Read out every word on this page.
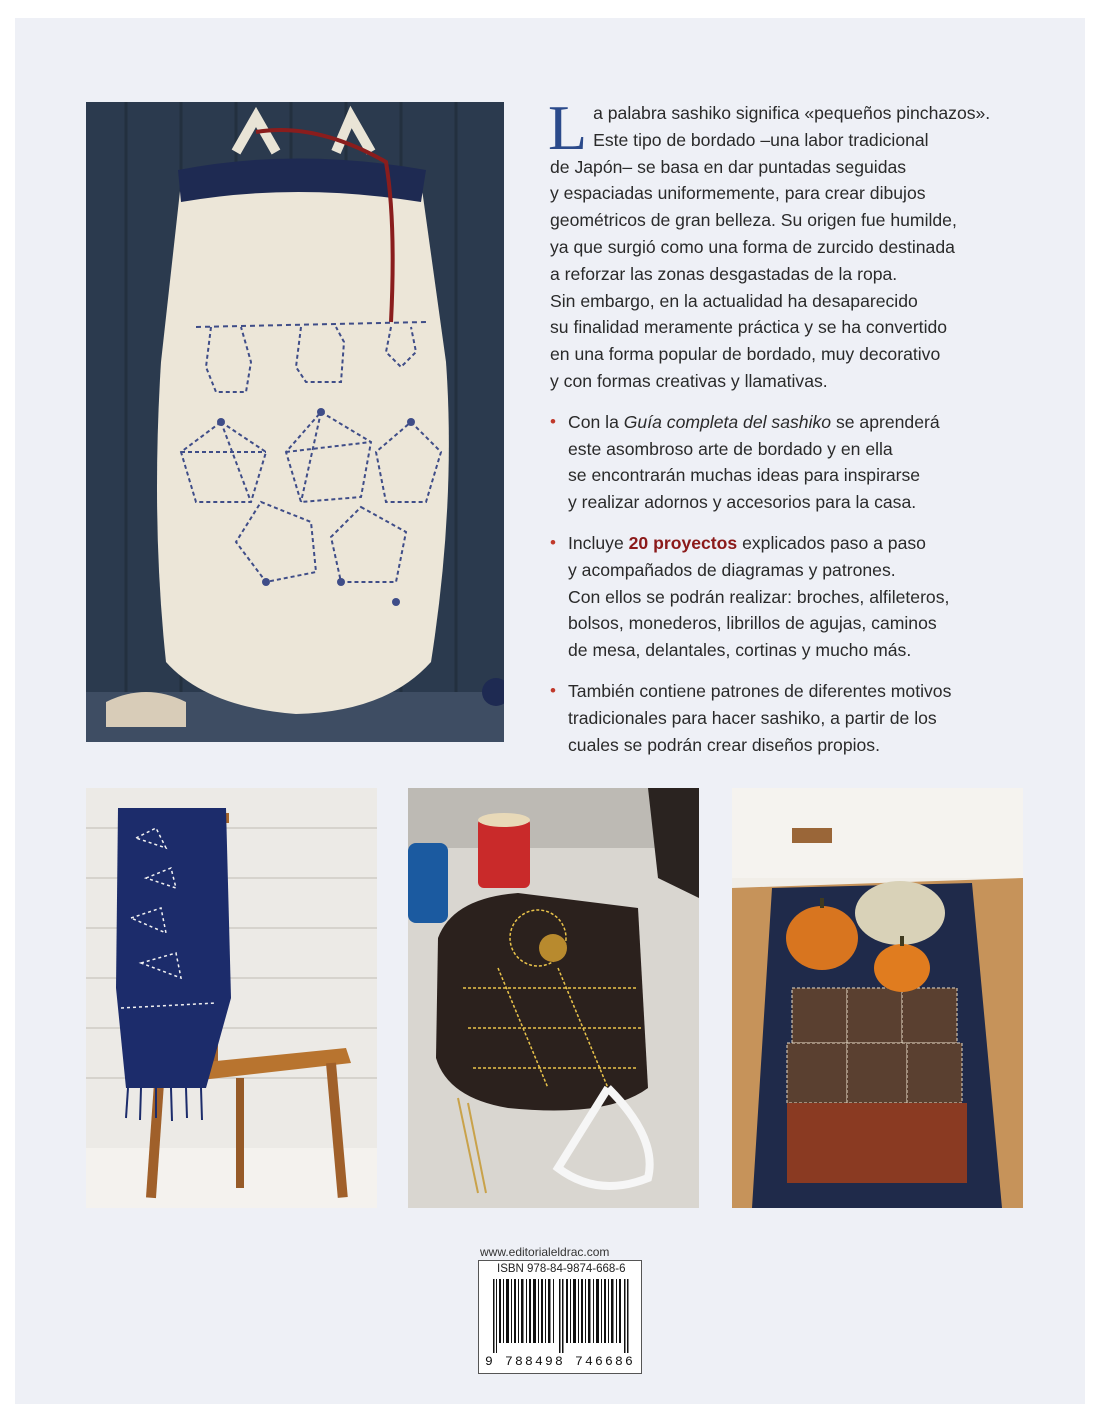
L a palabra sashiko significa «pequeños pinchazos».
Este tipo de bordado –una labor tradicional
de Japón– se basa en dar puntadas seguidas
y espaciadas uniformemente, para crear dibujos
geométricos de gran belleza. Su origen fue humilde,
ya que surgió como una forma de zurcido destinada
a reforzar las zonas desgastadas de la ropa.
Sin embargo, en la actualidad ha desaparecido
su finalidad meramente práctica y se ha convertido
en una forma popular de bordado, muy decorativo
y con formas creativas y llamativas.
• Con la Guía completa del sashiko se aprenderá
este asombroso arte de bordado y en ella
se encontrarán muchas ideas para inspirarse
y realizar adornos y accesorios para la casa.
• Incluye 20 proyectos explicados paso a paso
y acompañados de diagramas y patrones.
Con ellos se podrán realizar: broches, alfileteros,
bolsos, monederos, librillos de agujas, caminos
de mesa, delantales, cortinas y mucho más.
• También contiene patrones de diferentes motivos
tradicionales para hacer sashiko, a partir de los
cuales se podrán crear diseños propios.
www.editorialeldrac.com
ISBN 978-84-9874-668-6
9 788498 746686
